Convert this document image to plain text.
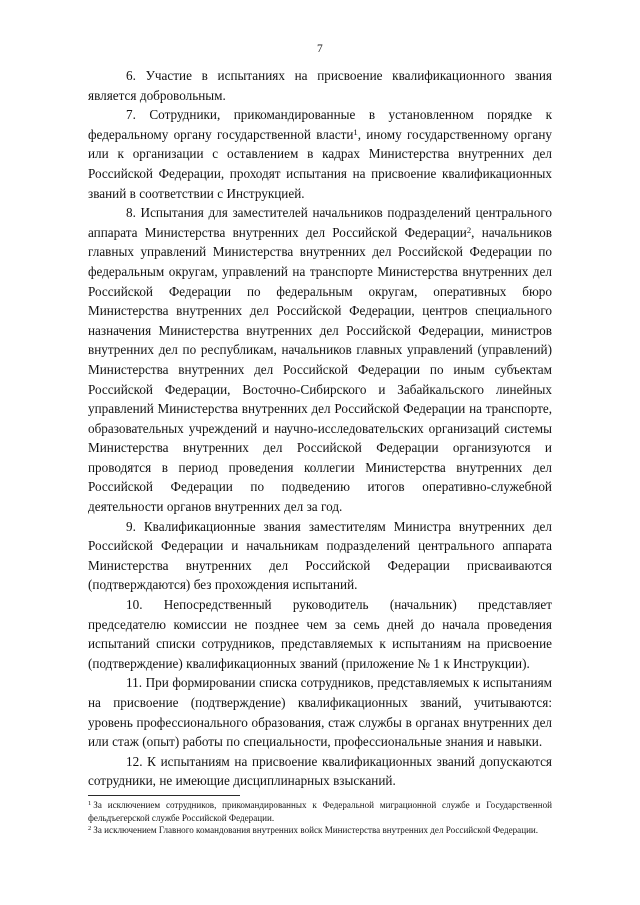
7

6. Участие в испытаниях на присвоение квалификационного звания является добровольным.

7. Сотрудники, прикомандированные в установленном порядке к федеральному органу государственной власти$^1$, иному государственному органу или к организации с оставлением в кадрах Министерства внутренних дел Российской Федерации, проходят испытания на присвоение квалификационных званий в соответствии с Инструкцией.

8. Испытания для заместителей начальников подразделений центрального аппарата Министерства внутренних дел Российской Федерации$^2$, начальников главных управлений Министерства внутренних дел Российской Федерации по федеральным округам, управлений на транспорте Министерства внутренних дел Российской Федерации по федеральным округам, оперативных бюро Министерства внутренних дел Российской Федерации, центров специального назначения Министерства внутренних дел Российской Федерации, министров внутренних дел по республикам, начальников главных управлений (управлений) Министерства внутренних дел Российской Федерации по иным субъектам Российской Федерации, Восточно-Сибирского и Забайкальского линейных управлений Министерства внутренних дел Российской Федерации на транспорте, образовательных учреждений и научно-исследовательских организаций системы Министерства внутренних дел Российской Федерации организуются и проводятся в период проведения коллегии Министерства внутренних дел Российской Федерации по подведению итогов оперативно-служебной деятельности органов внутренних дел за год.

9. Квалификационные звания заместителям Министра внутренних дел Российской Федерации и начальникам подразделений центрального аппарата Министерства внутренних дел Российской Федерации присваиваются (подтверждаются) без прохождения испытаний.

10. Непосредственный руководитель (начальник) представляет председателю комиссии не позднее чем за семь дней до начала проведения испытаний списки сотрудников, представляемых к испытаниям на присвоение (подтверждение) квалификационных званий (приложение № 1 к Инструкции).

11. При формировании списка сотрудников, представляемых к испытаниям на присвоение (подтверждение) квалификационных званий, учитываются: уровень профессионального образования, стаж службы в органах внутренних дел или стаж (опыт) работы по специальности, профессиональные знания и навыки.

12. К испытаниям на присвоение квалификационных званий допускаются сотрудники, не имеющие дисциплинарных взысканий.

$^1$ За исключением сотрудников, прикомандированных к Федеральной миграционной службе и Государственной фельдъегерской службе Российской Федерации.

$^2$ За исключением Главного командования внутренних войск Министерства внутренних дел Российской Федерации.
